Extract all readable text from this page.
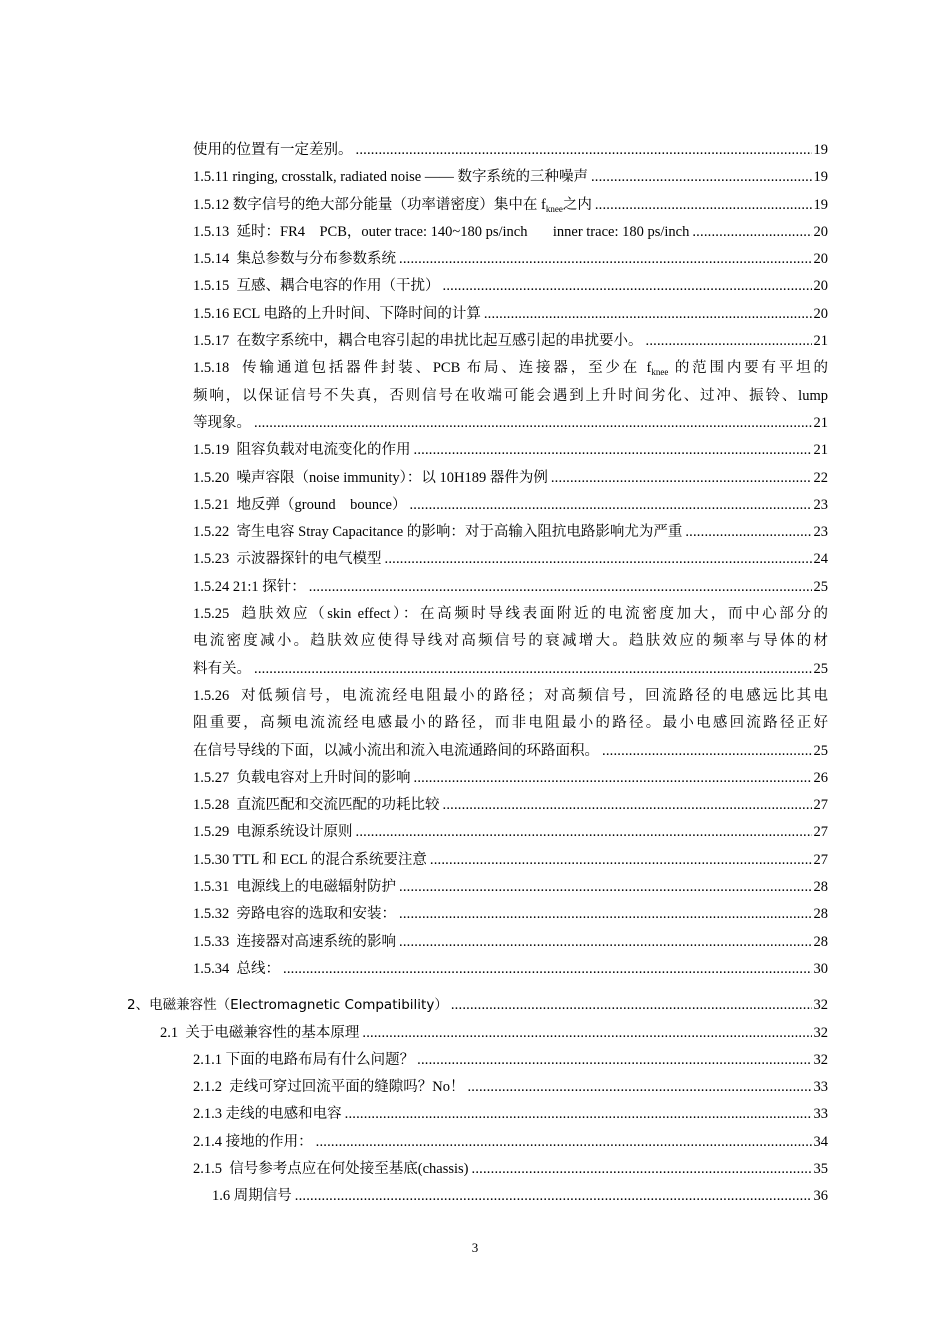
使用的位置有一定差别。 .....	19
1.5.11 ringing, crosstalk, radiated noise —— 数字系统的三种噪声 .....	19
1.5.12 数字信号的绝大部分能量（功率谱密度）集中在 $f_{knee}$之内 .....	19
1.5.13  延时：FR4    PCB，outer trace: 140~180 ps/inch       inner trace: 180 ps/inch .....	20
1.5.14  集总参数与分布参数系统 .....	20
1.5.15  互感、耦合电容的作用（干扰） .....	20
1.5.16 ECL 电路的上升时间、下降时间的计算 .....	20
1.5.17  在数字系统中，耦合电容引起的串扰比起互感引起的串扰要小。 .....	21
1.5.18  传输通道包括器件封装、PCB 布局、连接器，至少在 $f_{knee}$ 的范围内要有平坦的
频响，以保证信号不失真，否则信号在收端可能会遇到上升时间劣化、过冲、振铃、lump
等现象。 .....	21
1.5.19  阻容负载对电流变化的作用 .....	21
1.5.20  噪声容限（noise immunity）：以 10H189 器件为例 .....	22
1.5.21  地反弹（ground    bounce） .....	23
1.5.22  寄生电容 Stray Capacitance 的影响：对于高输入阻抗电路影响尤为严重 .....	23
1.5.23  示波器探针的电气模型 .....	24
1.5.24 21:1 探针： .....	25
1.5.25  趋肤效应（skin effect）：在高频时导线表面附近的电流密度加大，而中心部分的
电流密度减小。趋肤效应使得导线对高频信号的衰减增大。趋肤效应的频率与导体的材
料有关。 .....	25
1.5.26  对低频信号，电流流经电阻最小的路径；对高频信号，回流路径的电感远比其电
阻重要，高频电流流经电感最小的路径，而非电阻最小的路径。最小电感回流路径正好
在信号导线的下面，以减小流出和流入电流通路间的环路面积。 .....	25
1.5.27  负载电容对上升时间的影响 .....	26
1.5.28  直流匹配和交流匹配的功耗比较 .....	27
1.5.29  电源系统设计原则 .....	27
1.5.30 TTL 和 ECL 的混合系统要注意 .....	27
1.5.31  电源线上的电磁辐射防护 .....	28
1.5.32  旁路电容的选取和安装： .....	28
1.5.33  连接器对高速系统的影响 .....	28
1.5.34  总线： .....	30
2、电磁兼容性（Electromagnetic Compatibility） .....	32
2.1  关于电磁兼容性的基本原理 .....	32
2.1.1 下面的电路布局有什么问题？ .....	32
2.1.2  走线可穿过回流平面的缝隙吗？No！ .....	33
2.1.3 走线的电感和电容 .....	33
2.1.4 接地的作用： .....	34
2.1.5  信号参考点应在何处接至基底(chassis) .....	35
1.6 周期信号 .....	36
3
